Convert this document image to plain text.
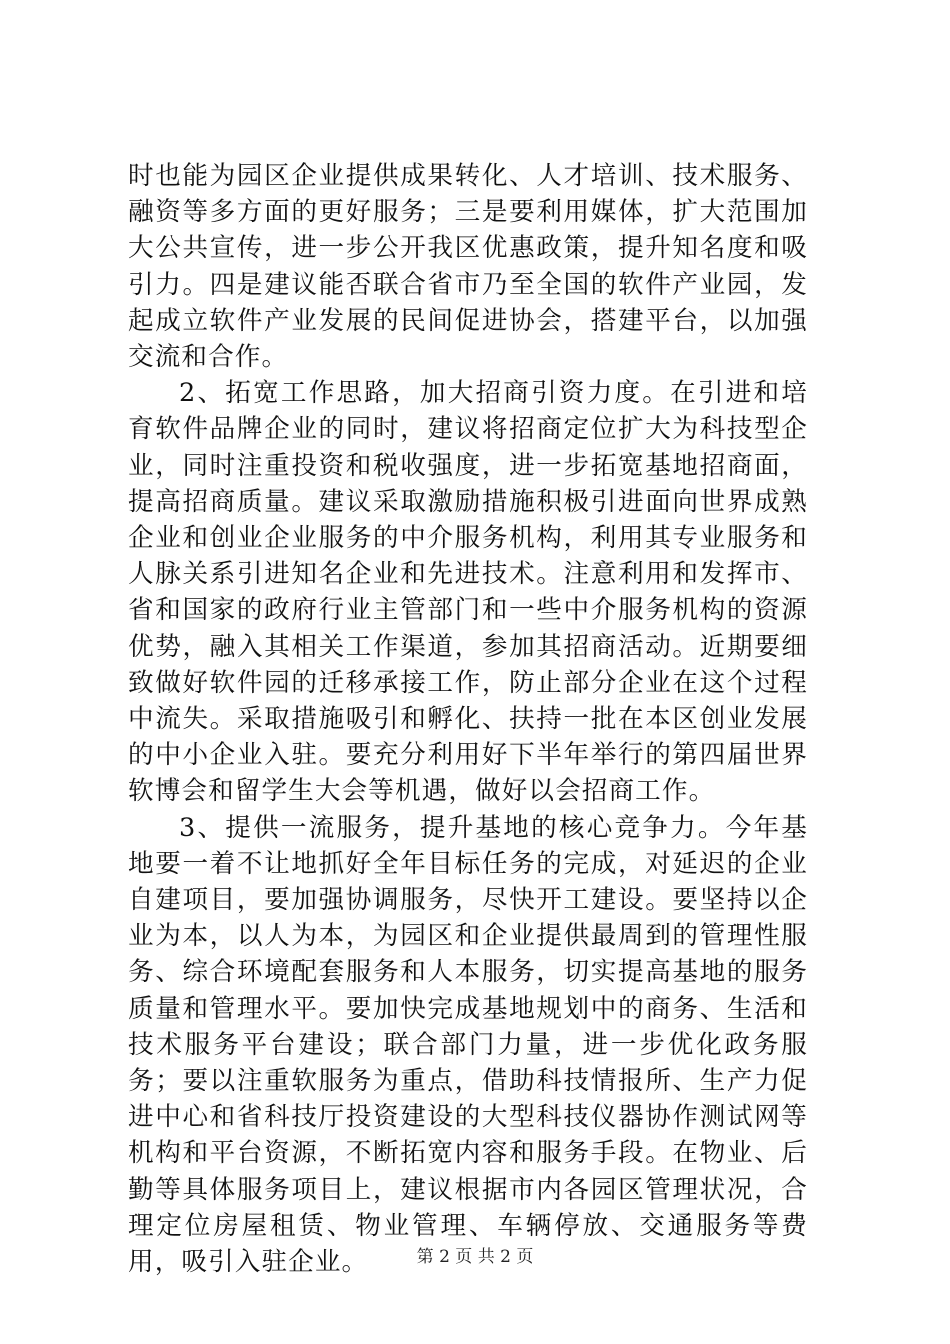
时也能为园区企业提供成果转化、人才培训、技术服务、融资等多方面的更好服务；三是要利用媒体，扩大范围加大公共宣传，进一步公开我区优惠政策，提升知名度和吸引力。四是建议能否联合省市乃至全国的软件产业园，发起成立软件产业发展的民间促进协会，搭建平台，以加强交流和合作。

2、拓宽工作思路，加大招商引资力度。在引进和培育软件品牌企业的同时，建议将招商定位扩大为科技型企业，同时注重投资和税收强度，进一步拓宽基地招商面，提高招商质量。建议采取激励措施积极引进面向世界成熟企业和创业企业服务的中介服务机构，利用其专业服务和人脉关系引进知名企业和先进技术。注意利用和发挥市、省和国家的政府行业主管部门和一些中介服务机构的资源优势，融入其相关工作渠道，参加其招商活动。近期要细致做好软件园的迁移承接工作，防止部分企业在这个过程中流失。采取措施吸引和孵化、扶持一批在本区创业发展的中小企业入驻。要充分利用好下半年举行的第四届世界软博会和留学生大会等机遇，做好以会招商工作。

3、提供一流服务，提升基地的核心竞争力。今年基地要一着不让地抓好全年目标任务的完成，对延迟的企业自建项目，要加强协调服务，尽快开工建设。要坚持以企业为本，以人为本，为园区和企业提供最周到的管理性服务、综合环境配套服务和人本服务，切实提高基地的服务质量和管理水平。要加快完成基地规划中的商务、生活和技术服务平台建设；联合部门力量，进一步优化政务服务；要以注重软服务为重点，借助科技情报所、生产力促进中心和省科技厅投资建设的大型科技仪器协作测试网等机构和平台资源，不断拓宽内容和服务手段。在物业、后勤等具体服务项目上，建议根据市内各园区管理状况，合理定位房屋租赁、物业管理、车辆停放、交通服务等费用，吸引入驻企业。	第 2 页 共 2 页
